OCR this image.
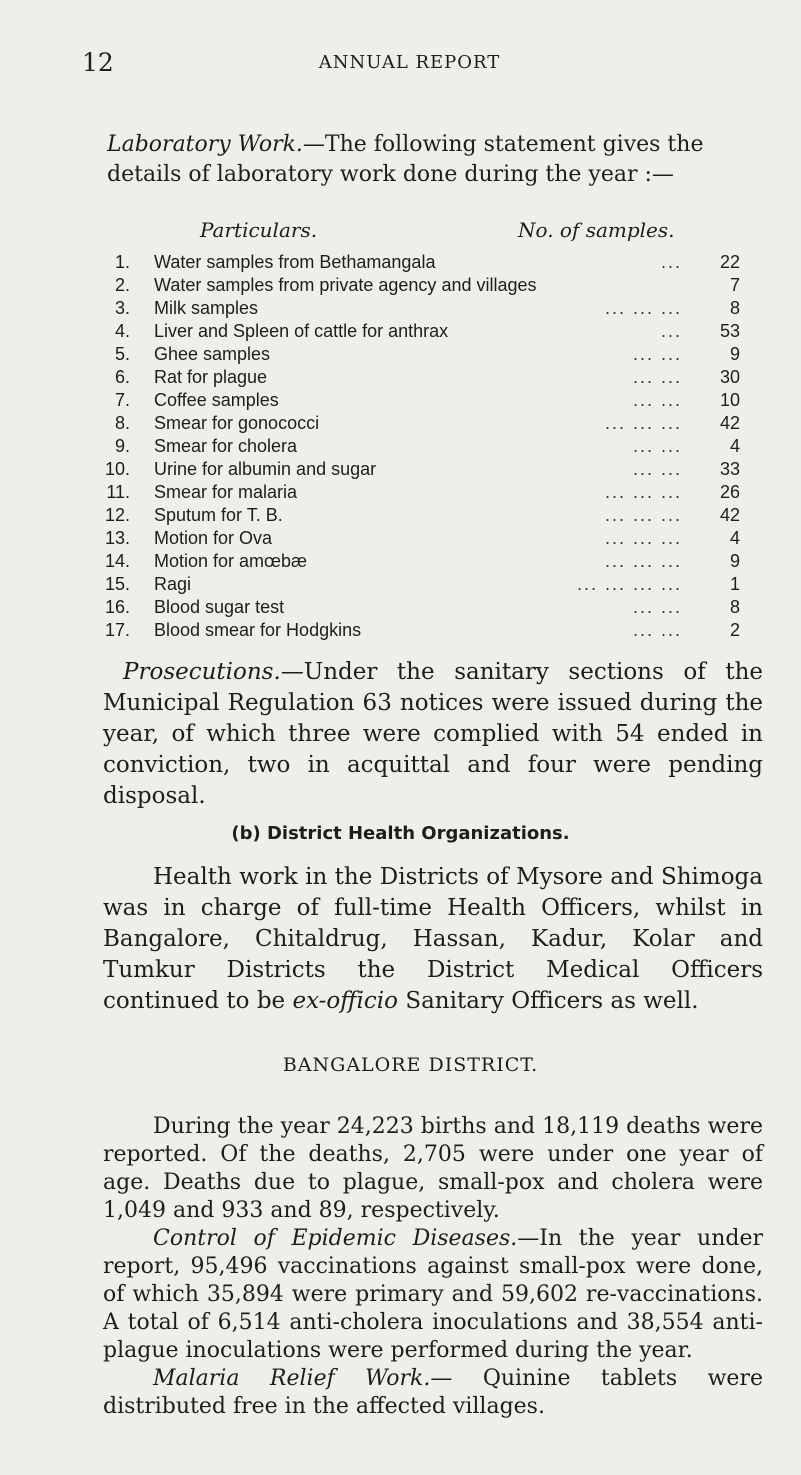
12	ANNUAL REPORT
Laboratory Work.—The following statement gives the
details of laboratory work done during the year :—
Particulars.	No. of samples.
1. Water samples from Bethamangala	...	22
2. Water samples from private agency and villages	7
3. Milk samples	... ... ...	8
4. Liver and Spleen of cattle for anthrax	...	53
5. Ghee samples	... ...	9
6. Rat for plague	... ...	30
7. Coffee samples	... ...	10
8. Smear for gonococci	... ... ...	42
9. Smear for cholera	... ...	4
10. Urine for albumin and sugar	... ...	33
11. Smear for malaria	... ... ...	26
12. Sputum for T. B.	... ... ...	42
13. Motion for Ova	... ... ...	4
14. Motion for amœbæ	... ... ...	9
15. Ragi	... ... ... ...	1
16. Blood sugar test	... ...	8
17. Blood smear for Hodgkins	... ...	2
Prosecutions.—Under the sanitary sections of the Municipal Regulation 63 notices were issued during the year, of which three were complied with 54 ended in conviction, two in acquittal and four were pending disposal.
(b) District Health Organizations.
Health work in the Districts of Mysore and Shimoga was in charge of full-time Health Officers, whilst in Bangalore, Chitaldrug, Hassan, Kadur, Kolar and Tumkur Districts the District Medical Officers continued to be ex-officio Sanitary Officers as well.
BANGALORE DISTRICT.
During the year 24,223 births and 18,119 deaths were reported. Of the deaths, 2,705 were under one year of age. Deaths due to plague, small-pox and cholera were 1,049 and 933 and 89, respectively.
Control of Epidemic Diseases.—In the year under report, 95,496 vaccinations against small-pox were done, of which 35,894 were primary and 59,602 re-vaccinations. A total of 6,514 anti-cholera inoculations and 38,554 anti-plague inoculations were performed during the year.
Malaria Relief Work.— Quinine tablets were distributed free in the affected villages.
